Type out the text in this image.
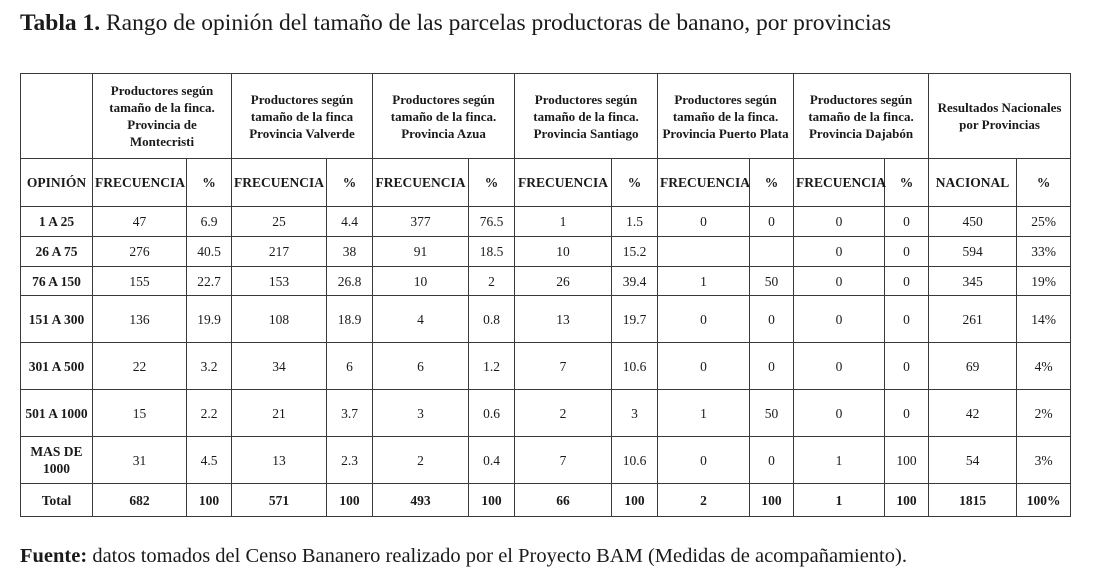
Tabla 1. Rango de opinión del tamaño de las parcelas productoras de banano, por provincias
	Productores según tamaño de la finca. Provincia de Montecristi		Productores según tamaño de la finca Provincia Valverde		Productores según tamaño de la finca. Provincia Azua		Productores según tamaño de la finca. Provincia Santiago		Productores según tamaño de la finca. Provincia Puerto Plata		Productores según tamaño de la finca. Provincia Dajabón		Resultados Nacionales por Provincias	
OPINIÓN	FRECUENCIA	%	FRECUENCIA	%	FRECUENCIA	%	FRECUENCIA	%	FRECUENCIA	%	FRECUENCIA	%	NACIONAL	%
1 A 25	47	6.9	25	4.4	377	76.5	1	1.5	0	0	0	0	450	25%
26 A 75	276	40.5	217	38	91	18.5	10	15.2			0	0	594	33%
76 A 150	155	22.7	153	26.8	10	2	26	39.4	1	50	0	0	345	19%
151 A 300	136	19.9	108	18.9	4	0.8	13	19.7	0	0	0	0	261	14%
301 A 500	22	3.2	34	6	6	1.2	7	10.6	0	0	0	0	69	4%
501 A 1000	15	2.2	21	3.7	3	0.6	2	3	1	50	0	0	42	2%
MAS DE 1000	31	4.5	13	2.3	2	0.4	7	10.6	0	0	1	100	54	3%
Total	682	100	571	100	493	100	66	100	2	100	1	100	1815	100%
Fuente: datos tomados del Censo Bananero realizado por el Proyecto BAM (Medidas de acompañamiento).
